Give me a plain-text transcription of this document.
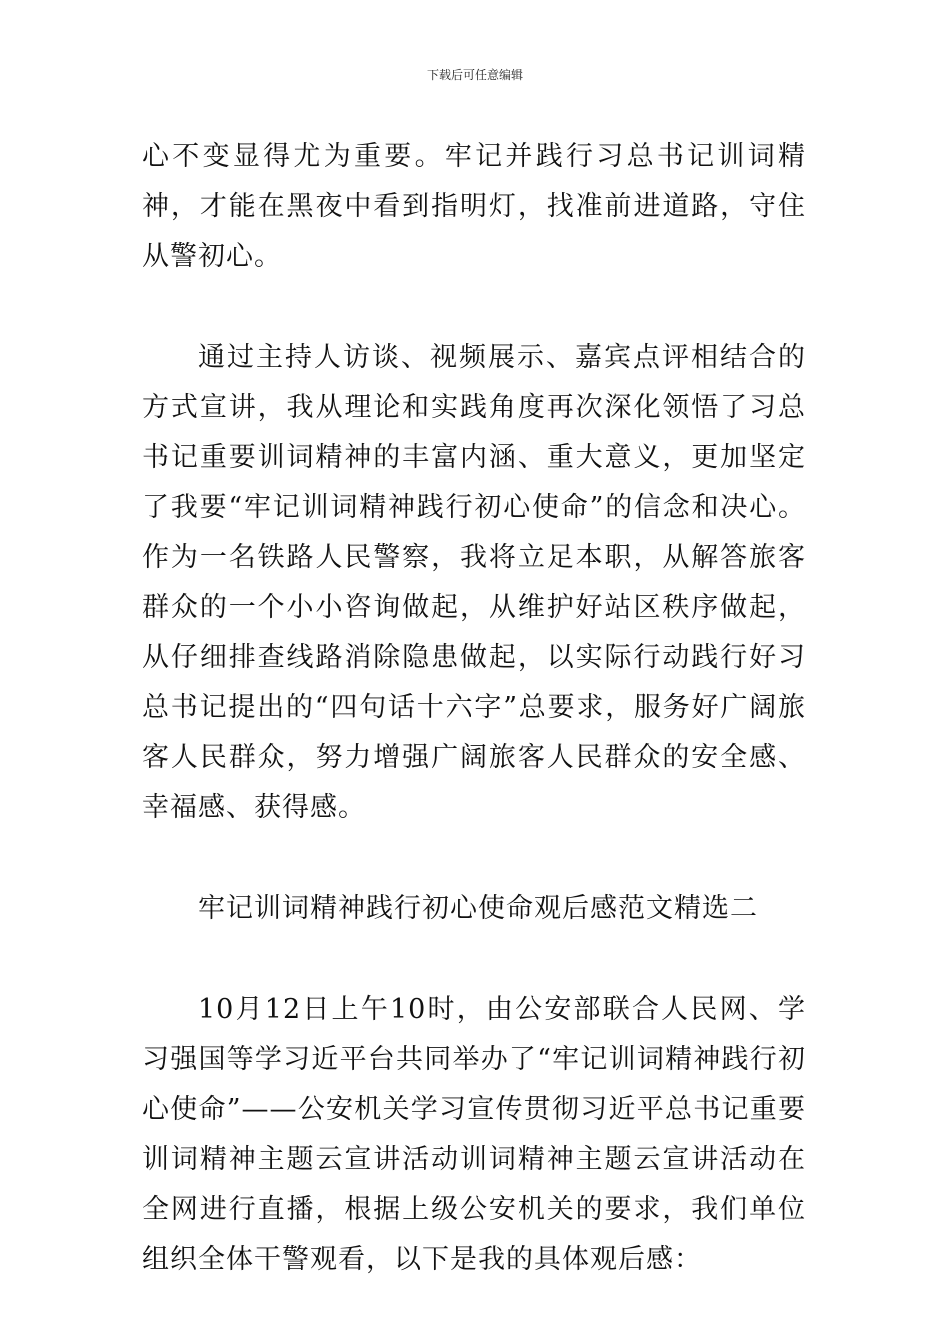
下载后可任意编辑

心不变显得尤为重要。牢记并践行习总书记训词精神，才能在黑夜中看到指明灯，找准前进道路，守住从警初心。

通过主持人访谈、视频展示、嘉宾点评相结合的方式宣讲，我从理论和实践角度再次深化领悟了习总书记重要训词精神的丰富内涵、重大意义，更加坚定了我要“牢记训词精神践行初心使命”的信念和决心。作为一名铁路人民警察，我将立足本职，从解答旅客群众的一个小小咨询做起，从维护好站区秩序做起，从仔细排查线路消除隐患做起，以实际行动践行好习总书记提出的“四句话十六字”总要求，服务好广阔旅客人民群众，努力增强广阔旅客人民群众的安全感、幸福感、获得感。

牢记训词精神践行初心使命观后感范文精选二

10月12日上午10时，由公安部联合人民网、学习强国等学习近平台共同举办了“牢记训词精神践行初心使命”——公安机关学习宣传贯彻习近平总书记重要训词精神主题云宣讲活动训词精神主题云宣讲活动在全网进行直播，根据上级公安机关的要求，我们单位组织全体干警观看，以下是我的具体观后感：
